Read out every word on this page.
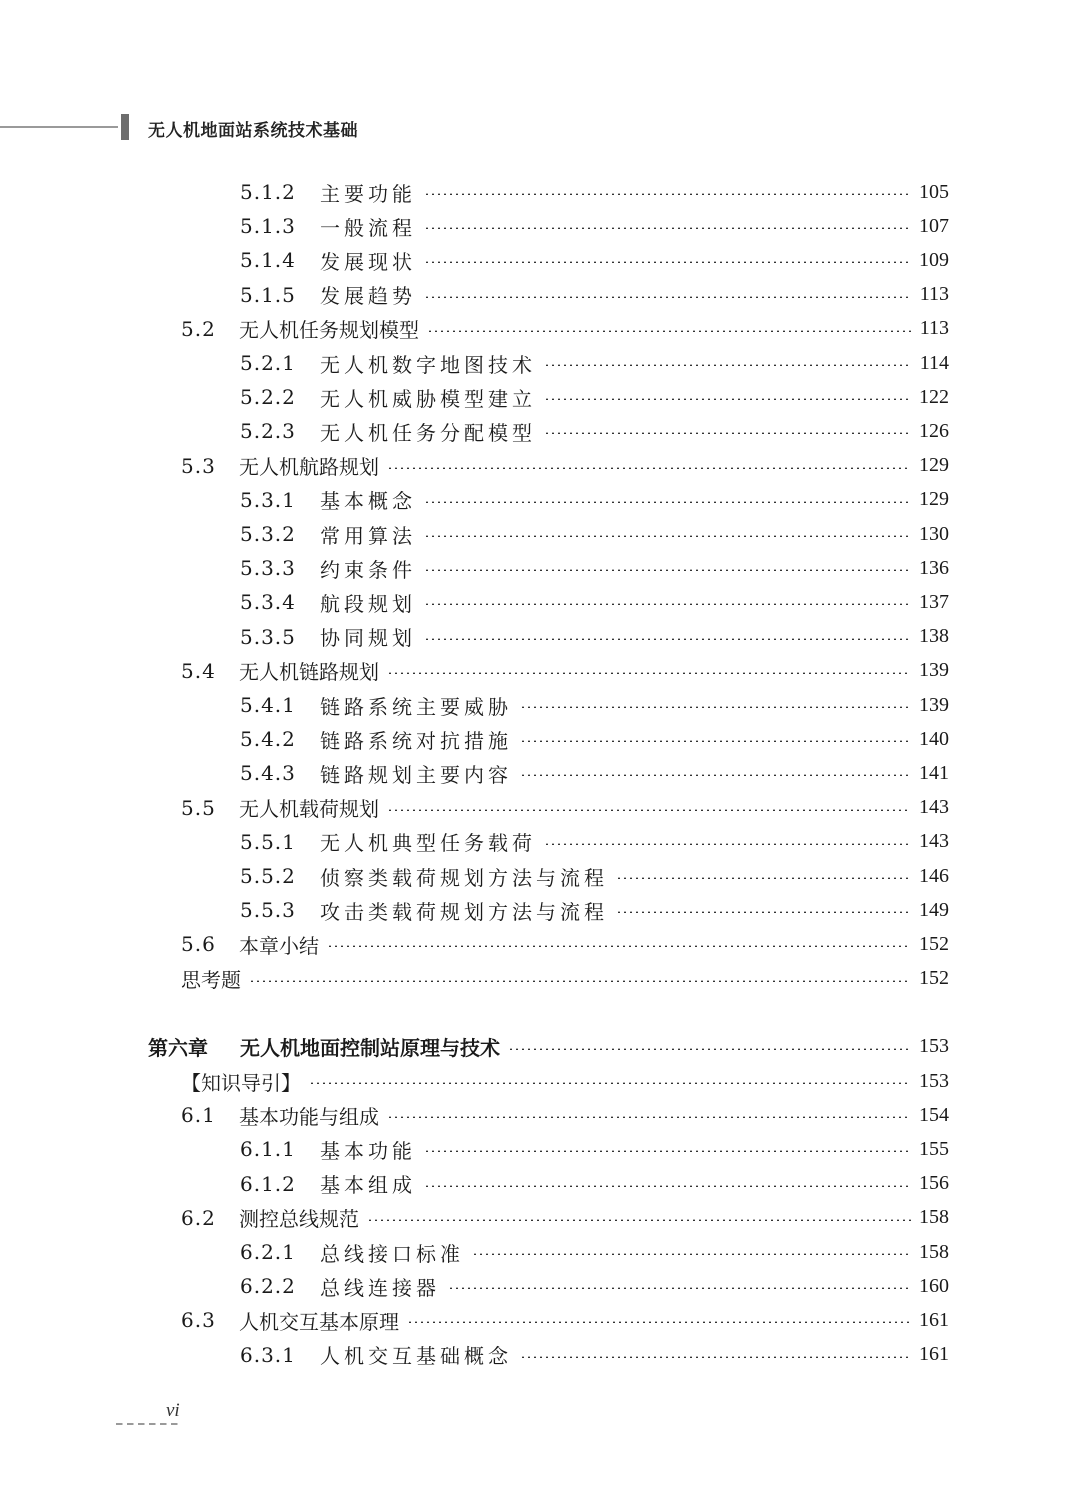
无人机地面站系统技术基础
5.1.2	主要功能	105
5.1.3	一般流程	107
5.1.4	发展现状	109
5.1.5	发展趋势	113
5.2	无人机任务规划模型	113
5.2.1	无人机数字地图技术	114
5.2.2	无人机威胁模型建立	122
5.2.3	无人机任务分配模型	126
5.3	无人机航路规划	129
5.3.1	基本概念	129
5.3.2	常用算法	130
5.3.3	约束条件	136
5.3.4	航段规划	137
5.3.5	协同规划	138
5.4	无人机链路规划	139
5.4.1	链路系统主要威胁	139
5.4.2	链路系统对抗措施	140
5.4.3	链路规划主要内容	141
5.5	无人机载荷规划	143
5.5.1	无人机典型任务载荷	143
5.5.2	侦察类载荷规划方法与流程	146
5.5.3	攻击类载荷规划方法与流程	149
5.6	本章小结	152
思考题	152
第六章	无人机地面控制站原理与技术	153
【知识导引】	153
6.1	基本功能与组成	154
6.1.1	基本功能	155
6.1.2	基本组成	156
6.2	测控总线规范	158
6.2.1	总线接口标准	158
6.2.2	总线连接器	160
6.3	人机交互基本原理	161
6.3.1	人机交互基础概念	161
vi
